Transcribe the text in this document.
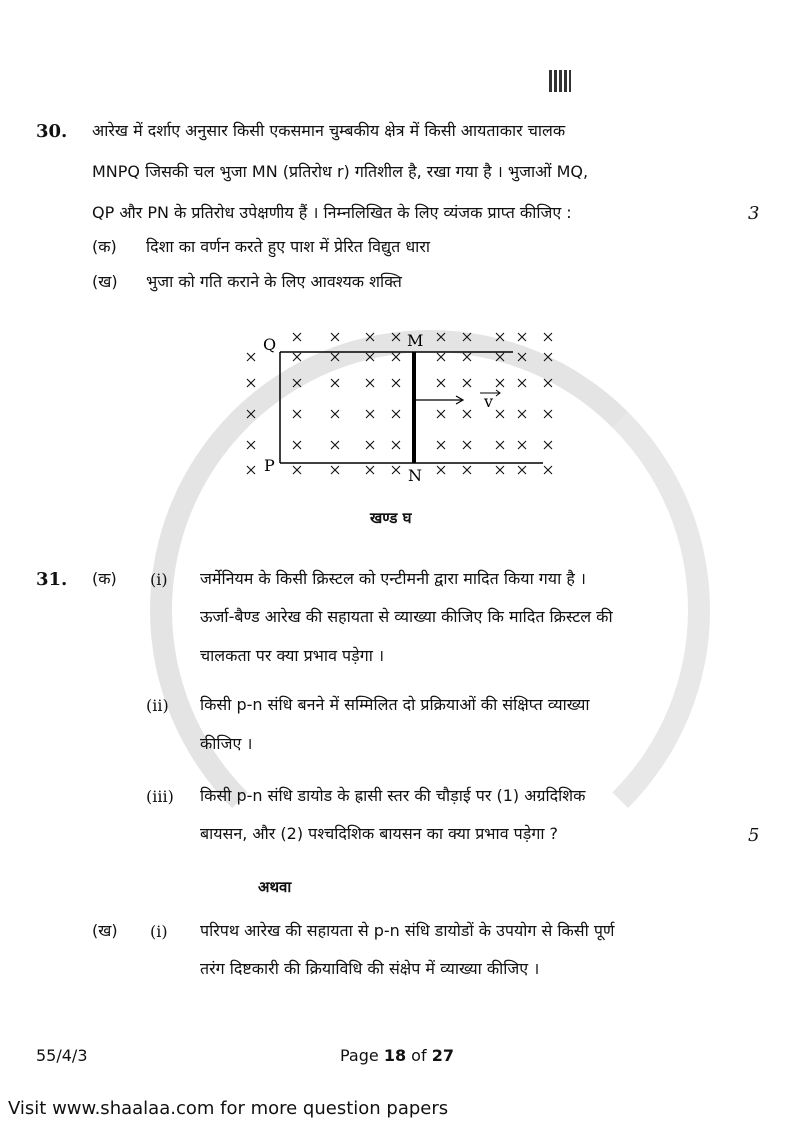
30. आरेख में दर्शाए अनुसार किसी एकसमान चुम्बकीय क्षेत्र में किसी आयताकार चालक
MNPQ जिसकी चल भुजा MN (प्रतिरोध r) गतिशील है, रखा गया है । भुजाओं MQ,
QP और PN के प्रतिरोध उपेक्षणीय हैं । निम्नलिखित के लिए व्यंजक प्राप्त कीजिए :	3
(क) दिशा का वर्णन करते हुए पाश में प्रेरित विद्युत धारा
(ख) भुजा को गति कराने के लिए आवश्यक शक्ति
Q	M
P
N
v
खण्ड घ
31. (क) (i) जर्मेनियम के किसी क्रिस्टल को एन्टीमनी द्वारा मादित किया गया है ।
ऊर्जा-बैण्ड आरेख की सहायता से व्याख्या कीजिए कि मादित क्रिस्टल की
चालकता पर क्या प्रभाव पड़ेगा ।
(ii) किसी p-n संधि बनने में सम्मिलित दो प्रक्रियाओं की संक्षिप्त व्याख्या
कीजिए ।
(iii) किसी p-n संधि डायोड के ह्रासी स्तर की चौड़ाई पर (1) अग्रदिशिक
बायसन, और (2) पश्चदिशिक बायसन का क्या प्रभाव पड़ेगा ?	5
अथवा
(ख) (i) परिपथ आरेख की सहायता से p-n संधि डायोडों के उपयोग से किसी पूर्ण
तरंग दिष्टकारी की क्रियाविधि की संक्षेप में व्याख्या कीजिए ।
55/4/3	Page 18 of 27
Visit www.shaalaa.com for more question papers
